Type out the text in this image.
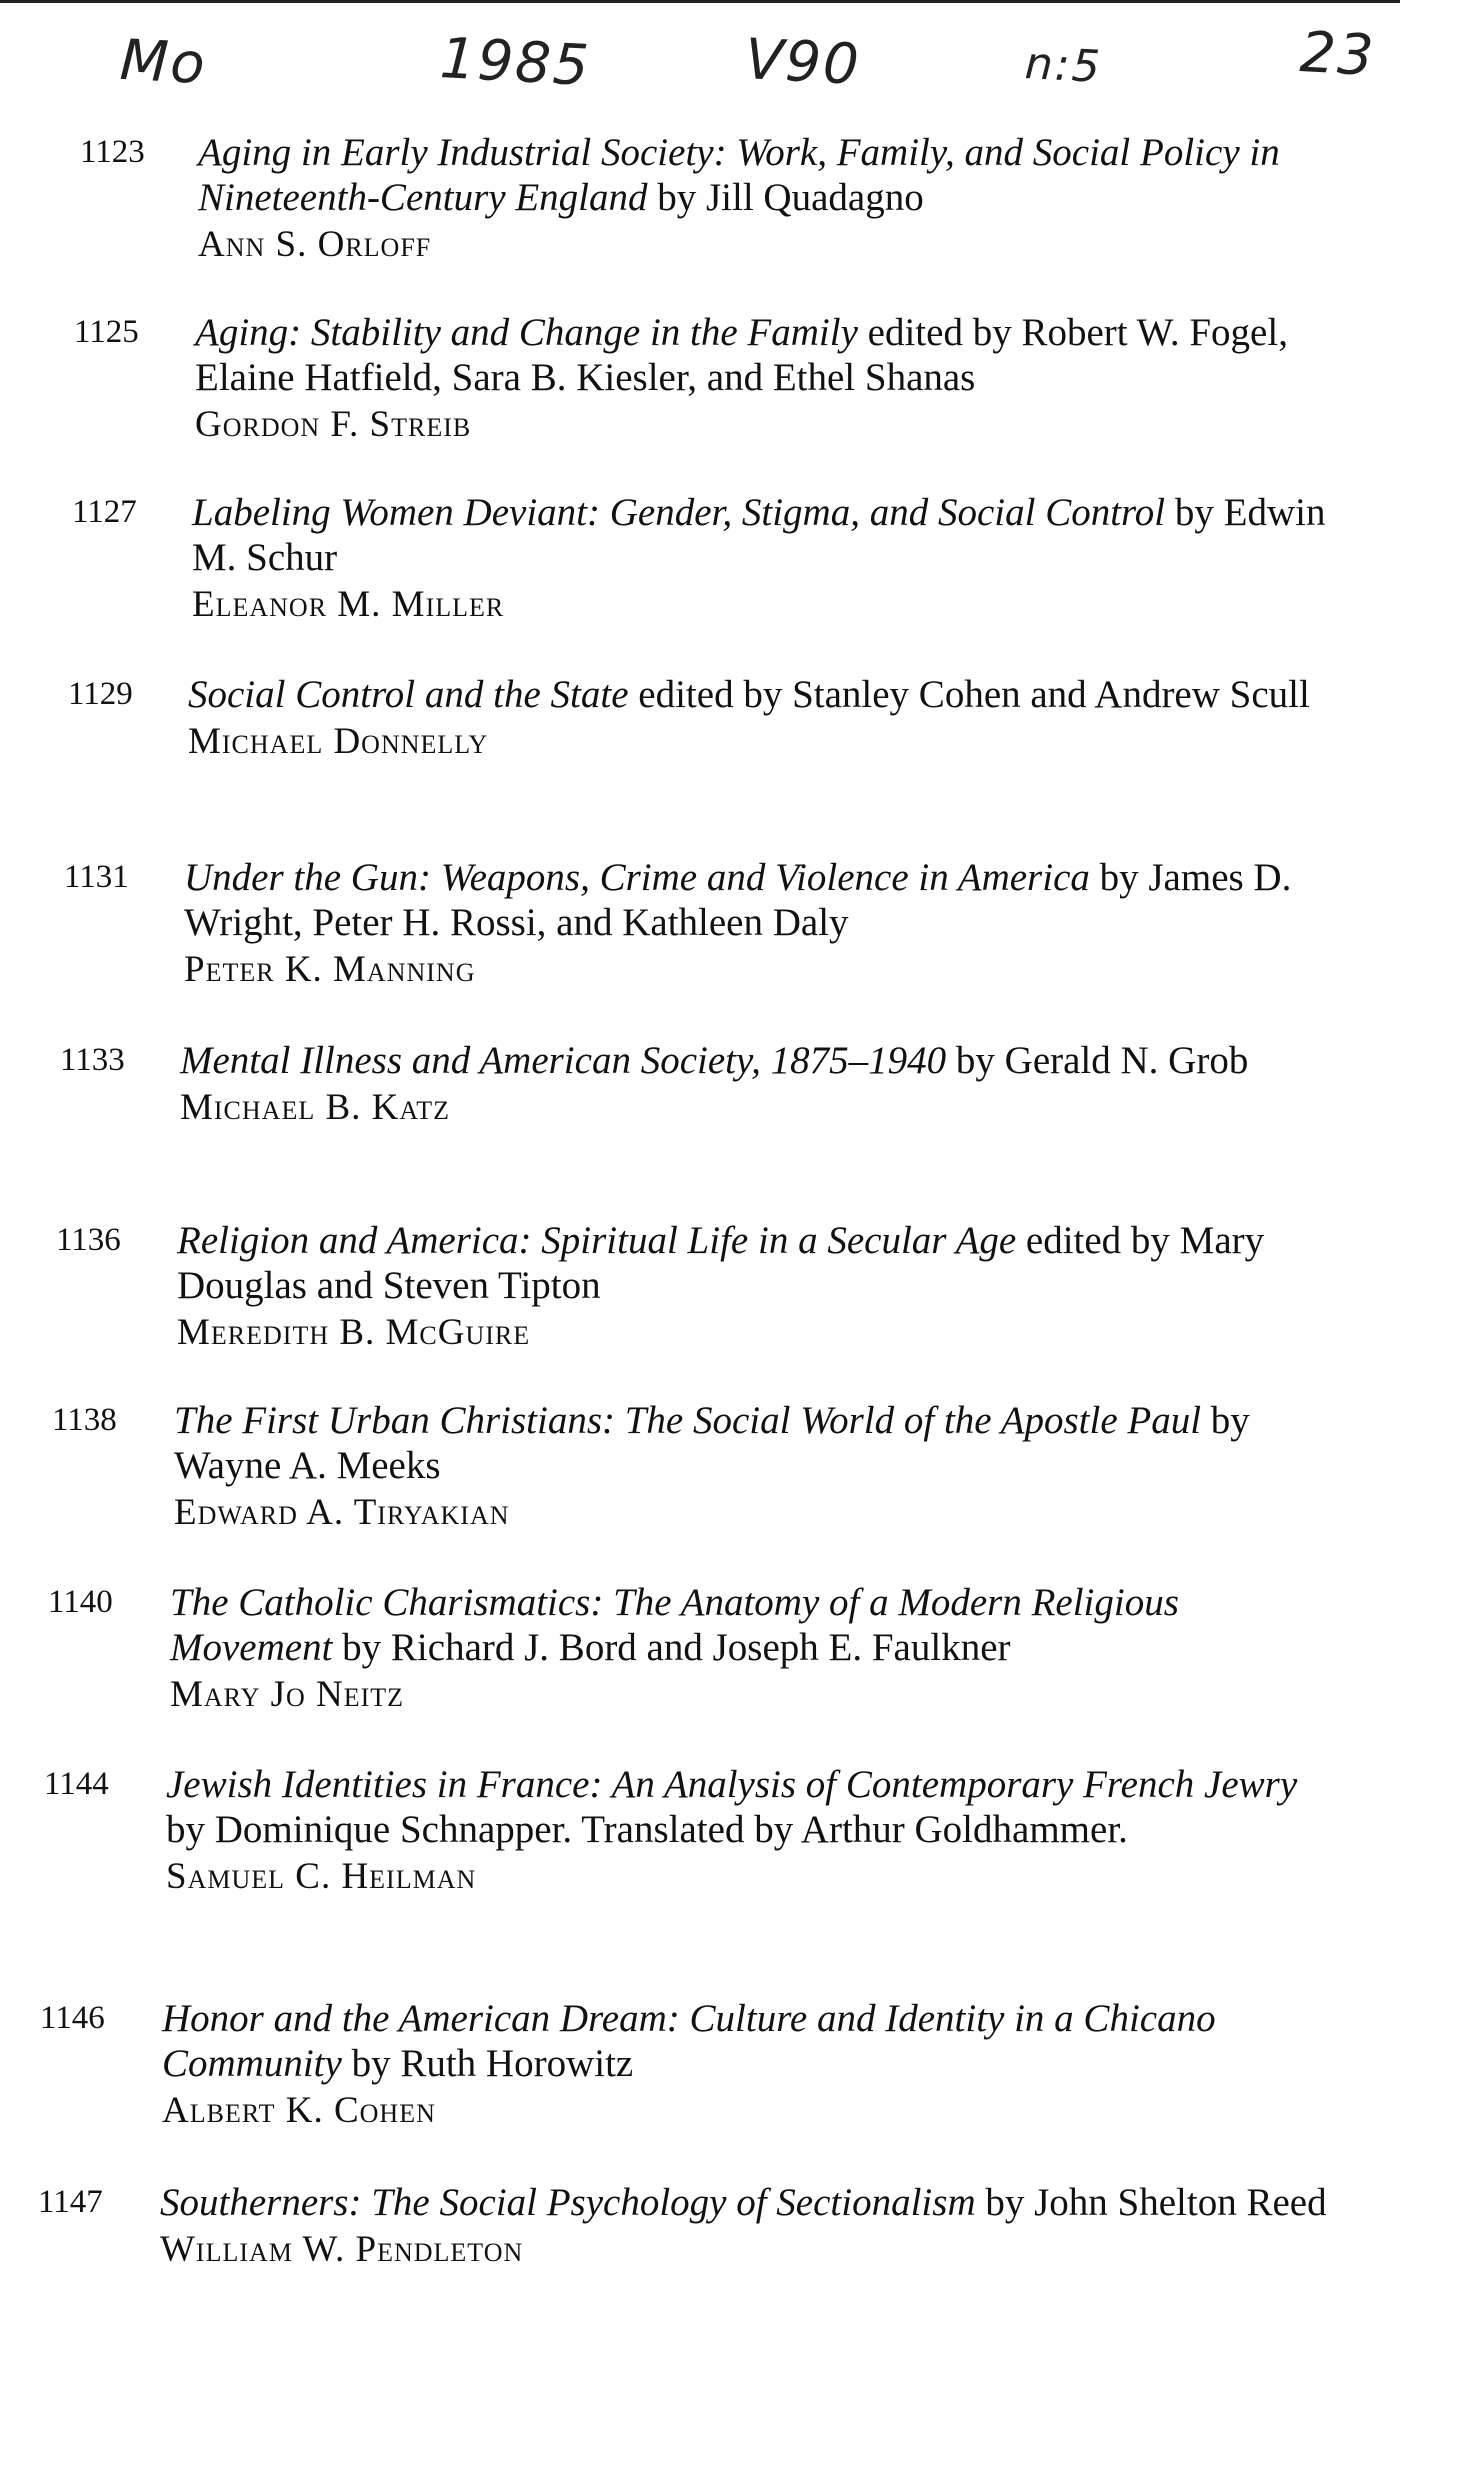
Mo	1985	V90	n:5	23
1123 Aging in Early Industrial Society: Work, Family, and Social Policy in Nineteenth-Century England by Jill Quadagno
Ann S. Orloff
1125 Aging: Stability and Change in the Family edited by Robert W. Fogel, Elaine Hatfield, Sara B. Kiesler, and Ethel Shanas
Gordon F. Streib
1127 Labeling Women Deviant: Gender, Stigma, and Social Control by Edwin M. Schur
Eleanor M. Miller
1129 Social Control and the State edited by Stanley Cohen and Andrew Scull
Michael Donnelly
1131 Under the Gun: Weapons, Crime and Violence in America by James D. Wright, Peter H. Rossi, and Kathleen Daly
Peter K. Manning
1133 Mental Illness and American Society, 1875–1940 by Gerald N. Grob
Michael B. Katz
1136 Religion and America: Spiritual Life in a Secular Age edited by Mary Douglas and Steven Tipton
Meredith B. McGuire
1138 The First Urban Christians: The Social World of the Apostle Paul by Wayne A. Meeks
Edward A. Tiryakian
1140 The Catholic Charismatics: The Anatomy of a Modern Religious Movement by Richard J. Bord and Joseph E. Faulkner
Mary Jo Neitz
1144 Jewish Identities in France: An Analysis of Contemporary French Jewry by Dominique Schnapper. Translated by Arthur Goldhammer.
Samuel C. Heilman
1146 Honor and the American Dream: Culture and Identity in a Chicano Community by Ruth Horowitz
Albert K. Cohen
1147 Southerners: The Social Psychology of Sectionalism by John Shelton Reed
William W. Pendleton
